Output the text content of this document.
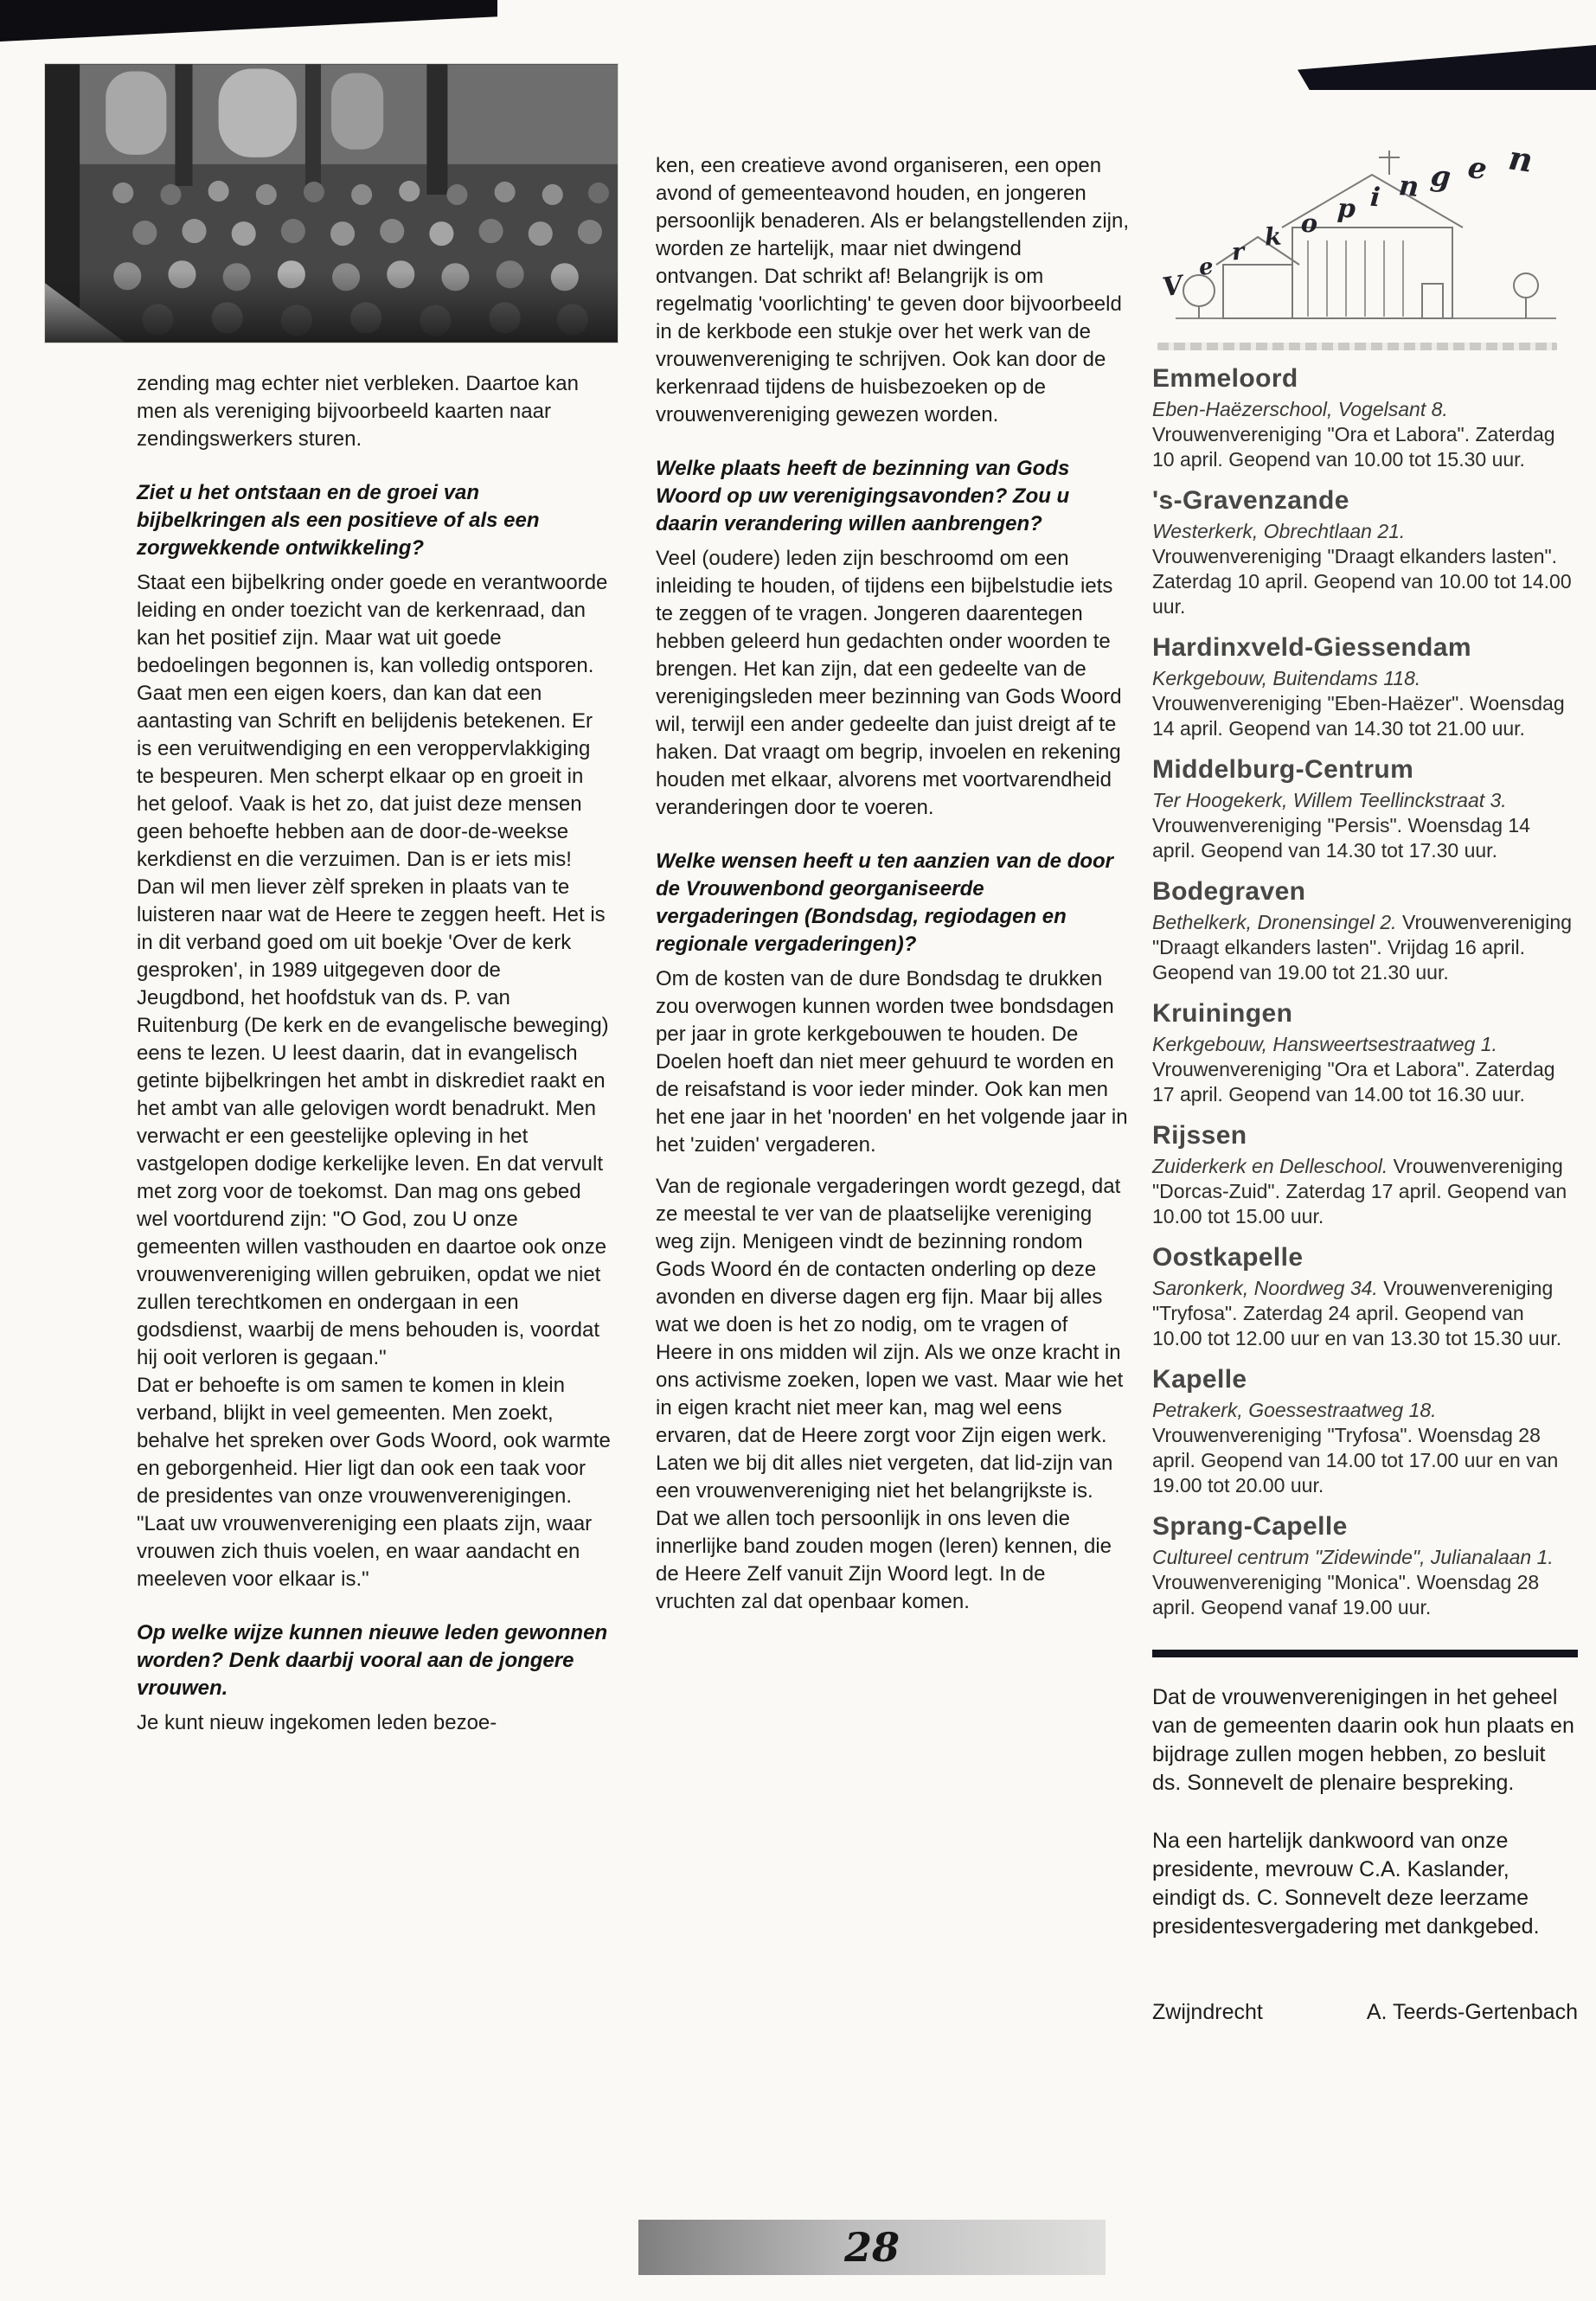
zending mag echter niet verbleken. Daartoe kan men als vereniging bijvoorbeeld kaarten naar zendingswerkers sturen.

Ziet u het ontstaan en de groei van bijbelkringen als een positieve of als een zorgwekkende ontwikkeling?

Staat een bijbelkring onder goede en verantwoorde leiding en onder toezicht van de kerkenraad, dan kan het positief zijn. Maar wat uit goede bedoelingen begonnen is, kan volledig ontsporen. Gaat men een eigen koers, dan kan dat een aantasting van Schrift en belijdenis betekenen. Er is een veruitwendiging en een veroppervlakkiging te bespeuren. Men scherpt elkaar op en groeit in het geloof. Vaak is het zo, dat juist deze mensen geen behoefte hebben aan de door-de-weekse kerkdienst en die verzuimen. Dan is er iets mis! Dan wil men liever zèlf spreken in plaats van te luisteren naar wat de Heere te zeggen heeft. Het is in dit verband goed om uit boekje 'Over de kerk gesproken', in 1989 uitgegeven door de Jeugdbond, het hoofdstuk van ds. P. van Ruitenburg (De kerk en de evangelische beweging) eens te lezen. U leest daarin, dat in evangelisch getinte bijbelkringen het ambt in diskrediet raakt en het ambt van alle gelovigen wordt benadrukt. Men verwacht er een geestelijke opleving in het vastgelopen dodige kerkelijke leven. En dat vervult met zorg voor de toekomst. Dan mag ons gebed wel voortdurend zijn: "O God, zou U onze gemeenten willen vasthouden en daartoe ook onze vrouwenvereniging willen gebruiken, opdat we niet zullen terechtkomen en ondergaan in een godsdienst, waarbij de mens behouden is, voordat hij ooit verloren is gegaan."

Dat er behoefte is om samen te komen in klein verband, blijkt in veel gemeenten. Men zoekt, behalve het spreken over Gods Woord, ook warmte en geborgenheid. Hier ligt dan ook een taak voor de presidentes van onze vrouwenverenigingen. "Laat uw vrouwenvereniging een plaats zijn, waar vrouwen zich thuis voelen, en waar aandacht en meeleven voor elkaar is."

Op welke wijze kunnen nieuwe leden gewonnen worden? Denk daarbij vooral aan de jongere vrouwen.

Je kunt nieuw ingekomen leden bezoe-

ken, een creatieve avond organiseren, een open avond of gemeenteavond houden, en jongeren persoonlijk benaderen. Als er belangstellenden zijn, worden ze hartelijk, maar niet dwingend ontvangen. Dat schrikt af! Belangrijk is om regelmatig 'voorlichting' te geven door bijvoorbeeld in de kerkbode een stukje over het werk van de vrouwenvereniging te schrijven. Ook kan door de kerkenraad tijdens de huisbezoeken op de vrouwenvereniging gewezen worden.

Welke plaats heeft de bezinning van Gods Woord op uw verenigingsavonden? Zou u daarin verandering willen aanbrengen?

Veel (oudere) leden zijn beschroomd om een inleiding te houden, of tijdens een bijbelstudie iets te zeggen of te vragen. Jongeren daarentegen hebben geleerd hun gedachten onder woorden te brengen. Het kan zijn, dat een gedeelte van de verenigingsleden meer bezinning van Gods Woord wil, terwijl een ander gedeelte dan juist dreigt af te haken. Dat vraagt om begrip, invoelen en rekening houden met elkaar, alvorens met voortvarendheid veranderingen door te voeren.

Welke wensen heeft u ten aanzien van de door de Vrouwenbond georganiseerde vergaderingen (Bondsdag, regiodagen en regionale vergaderingen)?

Om de kosten van de dure Bondsdag te drukken zou overwogen kunnen worden twee bondsdagen per jaar in grote kerkgebouwen te houden. De Doelen hoeft dan niet meer gehuurd te worden en de reisafstand is voor ieder minder. Ook kan men het ene jaar in het 'noorden' en het volgende jaar in het 'zuiden' vergaderen.

Van de regionale vergaderingen wordt gezegd, dat ze meestal te ver van de plaatselijke vereniging weg zijn. Menigeen vindt de bezinning rondom Gods Woord én de contacten onderling op deze avonden en diverse dagen erg fijn. Maar bij alles wat we doen is het zo nodig, om te vragen of Heere in ons midden wil zijn. Als we onze kracht in ons activisme zoeken, lopen we vast. Maar wie het in eigen kracht niet meer kan, mag wel eens ervaren, dat de Heere zorgt voor Zijn eigen werk. Laten we bij dit alles niet vergeten, dat lid-zijn van een vrouwenvereniging niet het belangrijkste is. Dat we allen toch persoonlijk in ons leven die innerlijke band zouden mogen (leren) kennen, die de Heere Zelf vanuit Zijn Woord legt. In de vruchten zal dat openbaar komen.

V
e
r
k o p i n g e n
Emmeloord
Eben-Haëzerschool, Vogelsant 8. Vrouwenvereniging "Ora et Labora". Zaterdag 10 april. Geopend van 10.00 tot 15.30 uur.
's-Gravenzande
Westerkerk, Obrechtlaan 21. Vrouwenvereniging "Draagt elkanders lasten". Zaterdag 10 april. Geopend van 10.00 tot 14.00 uur.
Hardinxveld-Giessendam
Kerkgebouw, Buitendams 118. Vrouwenvereniging "Eben-Haëzer". Woensdag 14 april. Geopend van 14.30 tot 21.00 uur.
Middelburg-Centrum
Ter Hoogekerk, Willem Teellinckstraat 3. Vrouwenvereniging "Persis". Woensdag 14 april. Geopend van 14.30 tot 17.30 uur.
Bodegraven
Bethelkerk, Dronensingel 2. Vrouwenvereniging "Draagt elkanders lasten". Vrijdag 16 april. Geopend van 19.00 tot 21.30 uur.
Kruiningen
Kerkgebouw, Hansweertsestraatweg 1. Vrouwenvereniging "Ora et Labora". Zaterdag 17 april. Geopend van 14.00 tot 16.30 uur.
Rijssen
Zuiderkerk en Delleschool. Vrouwenvereniging "Dorcas-Zuid". Zaterdag 17 april. Geopend van 10.00 tot 15.00 uur.
Oostkapelle
Saronkerk, Noordweg 34. Vrouwenvereniging "Tryfosa". Zaterdag 24 april. Geopend van 10.00 tot 12.00 uur en van 13.30 tot 15.30 uur.
Kapelle
Petrakerk, Goessestraatweg 18. Vrouwenvereniging "Tryfosa". Woensdag 28 april. Geopend van 14.00 tot 17.00 uur en van 19.00 tot 20.00 uur.
Sprang-Capelle
Cultureel centrum "Zidewinde", Julianalaan 1. Vrouwenvereniging "Monica". Woensdag 28 april. Geopend vanaf 19.00 uur.

Dat de vrouwenverenigingen in het geheel van de gemeenten daarin ook hun plaats en bijdrage zullen mogen hebben, zo besluit ds. Sonnevelt de plenaire bespreking.

Na een hartelijk dankwoord van onze presidente, mevrouw C.A. Kaslander, eindigt ds. C. Sonnevelt deze leerzame presidentesvergadering met dankgebed.

Zwijndrecht	A. Teerds-Gertenbach
28
